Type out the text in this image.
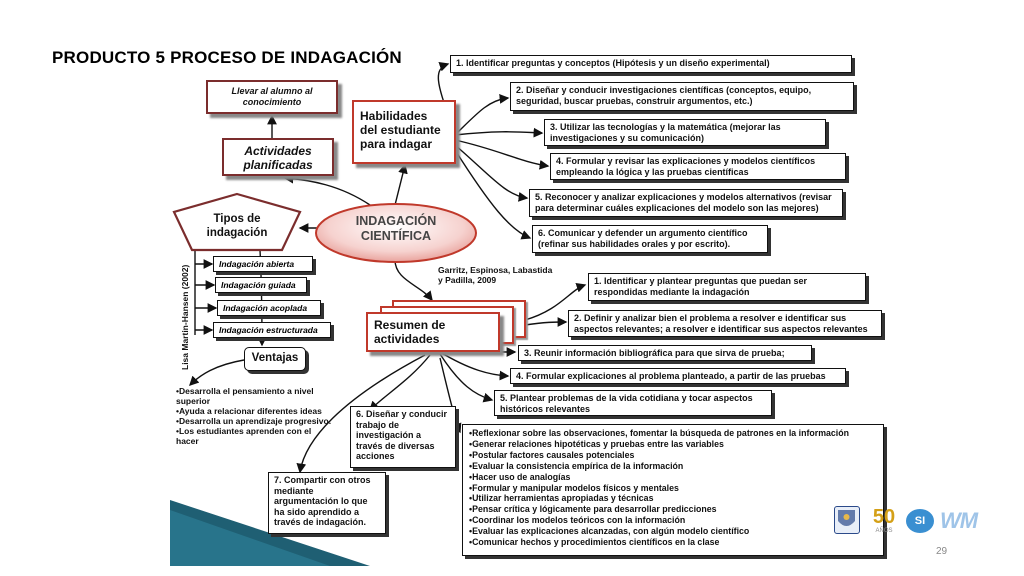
PRODUCTO 5 PROCESO DE INDAGACIÓN
Llevar al alumno al
conocimiento
Actividades
planificadas
Habilidades
del estudiante
para indagar
Tipos de
indagación
INDAGACIÓN
CIENTÍFICA
1. Identificar preguntas y conceptos (Hipótesis y un diseño experimental)
2. Diseñar y conducir investigaciones científicas (conceptos, equipo, seguridad, buscar pruebas, construir argumentos, etc.)
3. Utilizar las tecnologías y la matemática (mejorar las investigaciones y su comunicación)
4. Formular y revisar las explicaciones y modelos científicos empleando la lógica y las pruebas científicas
5. Reconocer y analizar explicaciones y modelos alternativos (revisar para determinar cuáles explicaciones del modelo son las mejores)
6. Comunicar y defender un argumento científico (refinar sus habilidades orales y por escrito).
Garritz, Espinosa, Labastida
y Padilla, 2009
Lisa Martin-Hansen (2002)
Indagación abierta
Indagación guiada
Indagación acoplada
Indagación estructurada
Ventajas
•Desarrolla el pensamiento a nivel superior
•Ayuda a relacionar diferentes ideas
•Desarrolla un aprendizaje progresivo.
•Los estudiantes aprenden con el hacer
Resumen de
actividades
1. Identificar y plantear preguntas que puedan ser respondidas mediante la indagación
2. Definir y analizar bien el problema a resolver e identificar sus aspectos relevantes; a resolver e identificar sus aspectos relevantes
3. Reunir información bibliográfica para que sirva de prueba;
4. Formular explicaciones al problema planteado, a partir de las pruebas
5. Plantear problemas de la vida cotidiana y tocar aspectos históricos relevantes
6. Diseñar y conducir trabajo de investigación a través de diversas acciones
7. Compartir con otros mediante argumentación lo que ha sido aprendido a través de indagación.
•Reflexionar sobre las observaciones, fomentar la búsqueda de patrones en la información
•Generar relaciones hipotéticas y pruebas entre las variables
•Postular factores causales potenciales
•Evaluar la consistencia empírica de la información
•Hacer uso de analogías
•Formular y manipular modelos físicos y mentales
•Utilizar herramientas apropiadas y técnicas
•Pensar crítica y lógicamente para desarrollar predicciones
•Coordinar los modelos teóricos con la información
•Evaluar las explicaciones alcanzadas, con algún modelo científico
•Comunicar hechos y procedimientos científicos en la clase
50
AÑOS
SI WM
29
